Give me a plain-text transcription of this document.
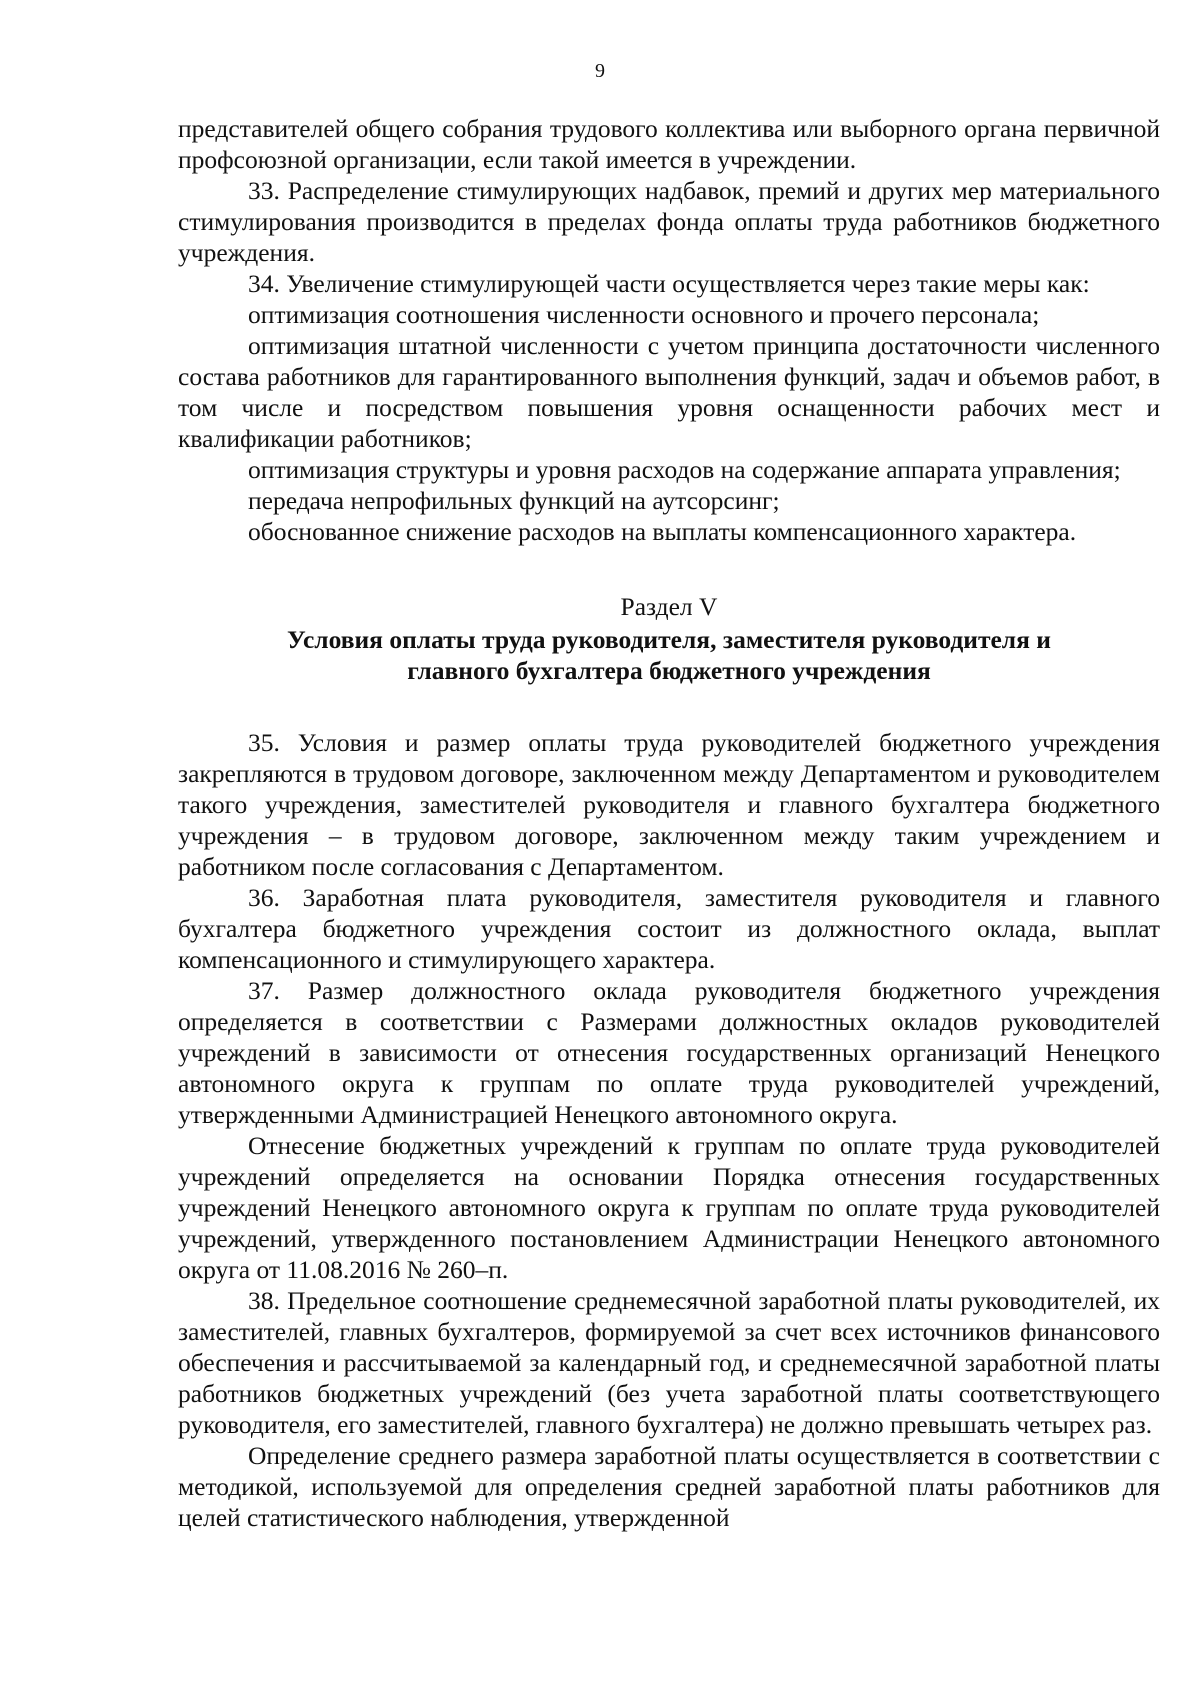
9

представителей общего собрания трудового коллектива или выборного органа первичной профсоюзной организации, если такой имеется в учреждении.

33. Распределение стимулирующих надбавок, премий и других мер материального стимулирования производится в пределах фонда оплаты труда работников бюджетного учреждения.

34. Увеличение стимулирующей части осуществляется через такие меры как:

оптимизация соотношения численности основного и прочего персонала;

оптимизация штатной численности с учетом принципа достаточности численного состава работников для гарантированного выполнения функций, задач и объемов работ, в том числе и посредством повышения уровня оснащенности рабочих мест и квалификации работников;

оптимизация структуры и уровня расходов на содержание аппарата управления;

передача непрофильных функций на аутсорсинг;

обоснованное снижение расходов на выплаты компенсационного характера.

Раздел V

Условия оплаты труда руководителя, заместителя руководителя и главного бухгалтера бюджетного учреждения

35. Условия и размер оплаты труда руководителей бюджетного учреждения закрепляются в трудовом договоре, заключенном между Департаментом и руководителем такого учреждения, заместителей руководителя и главного бухгалтера бюджетного учреждения – в трудовом договоре, заключенном между таким учреждением и работником после согласования с Департаментом.

36. Заработная плата руководителя, заместителя руководителя и главного бухгалтера бюджетного учреждения состоит из должностного оклада, выплат компенсационного и стимулирующего характера.

37. Размер должностного оклада руководителя бюджетного учреждения определяется в соответствии с Размерами должностных окладов руководителей учреждений в зависимости от отнесения государственных организаций Ненецкого автономного округа к группам по оплате труда руководителей учреждений, утвержденными Администрацией Ненецкого автономного округа.

Отнесение бюджетных учреждений к группам по оплате труда руководителей учреждений определяется на основании Порядка отнесения государственных учреждений Ненецкого автономного округа к группам по оплате труда руководителей учреждений, утвержденного постановлением Администрации Ненецкого автономного округа от 11.08.2016 № 260–п.

38. Предельное соотношение среднемесячной заработной платы руководителей, их заместителей, главных бухгалтеров, формируемой за счет всех источников финансового обеспечения и рассчитываемой за календарный год, и среднемесячной заработной платы работников бюджетных учреждений (без учета заработной платы соответствующего руководителя, его заместителей, главного бухгалтера) не должно превышать четырех раз.

Определение среднего размера заработной платы осуществляется в соответствии с методикой, используемой для определения средней заработной платы работников для целей статистического наблюдения, утвержденной
